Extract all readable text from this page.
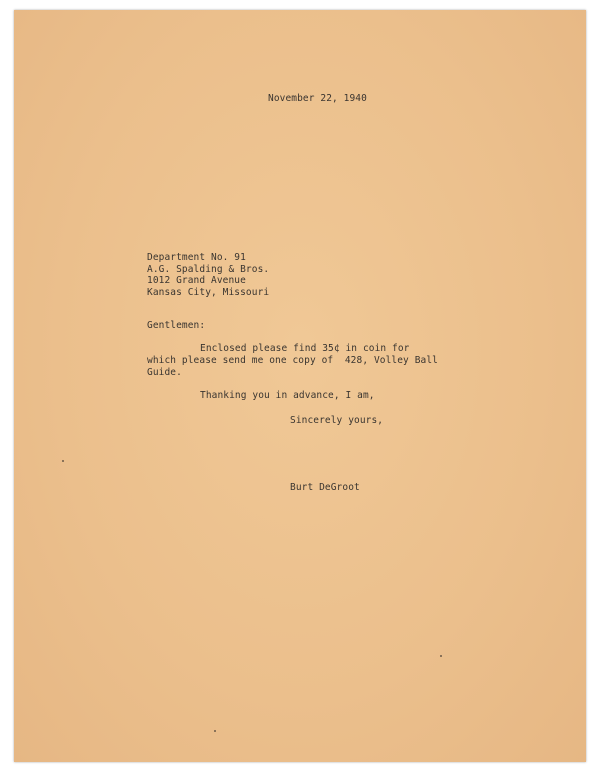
November 22, 1940

Department No. 91
A.G. Spalding & Bros.
1012 Grand Avenue
Kansas City, Missouri

Gentlemen:

Enclosed please find 35¢ in coin for

which please send me one copy of  428, Volley Ball

Guide.

Thanking you in advance, I am,

Sincerely yours,

Burt DeGroot
